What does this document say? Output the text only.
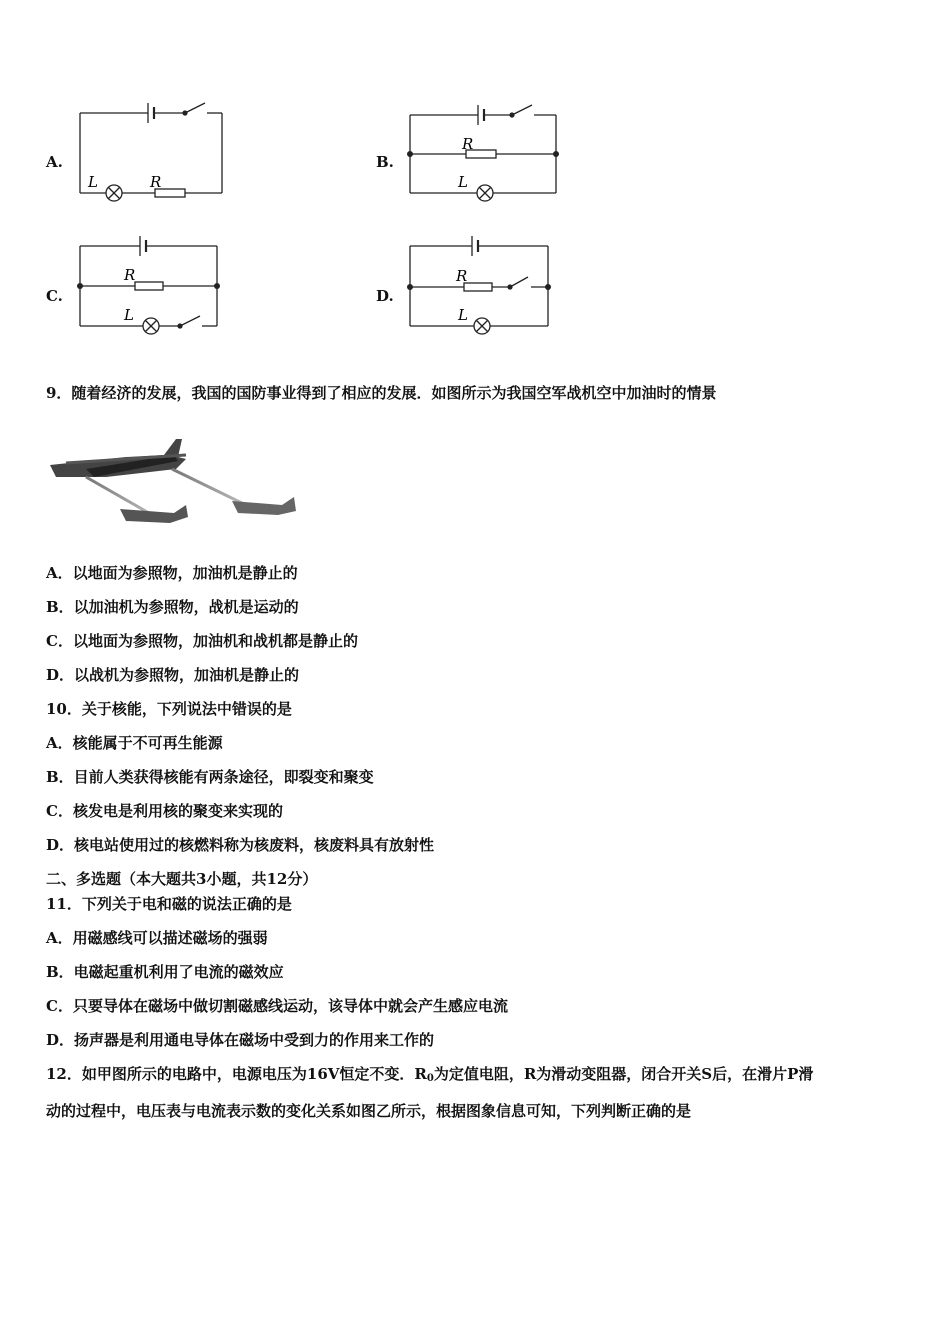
A.
L	R
B.
R
L
C.
R
L
D.
R
L
9．随着经济的发展，我国的国防事业得到了相应的发展．如图所示为我国空军战机空中加油时的情景
A．以地面为参照物，加油机是静止的
B．以加油机为参照物，战机是运动的
C．以地面为参照物，加油机和战机都是静止的
D．以战机为参照物，加油机是静止的
10．关于核能，下列说法中错误的是
A．核能属于不可再生能源
B．目前人类获得核能有两条途径，即裂变和聚变
C．核发电是利用核的聚变来实现的
D．核电站使用过的核燃料称为核废料，核废料具有放射性
二、多选题（本大题共3小题，共12分）
11．下列关于电和磁的说法正确的是
A．用磁感线可以描述磁场的强弱
B．电磁起重机利用了电流的磁效应
C．只要导体在磁场中做切割磁感线运动，该导体中就会产生感应电流
D．扬声器是利用通电导体在磁场中受到力的作用来工作的
12．如甲图所示的电路中，电源电压为16V恒定不变．$R_0$为定值电阻，R为滑动变阻器，闭合开关S后，在滑片P滑
动的过程中，电压表与电流表示数的变化关系如图乙所示，根据图象信息可知，下列判断正确的是
